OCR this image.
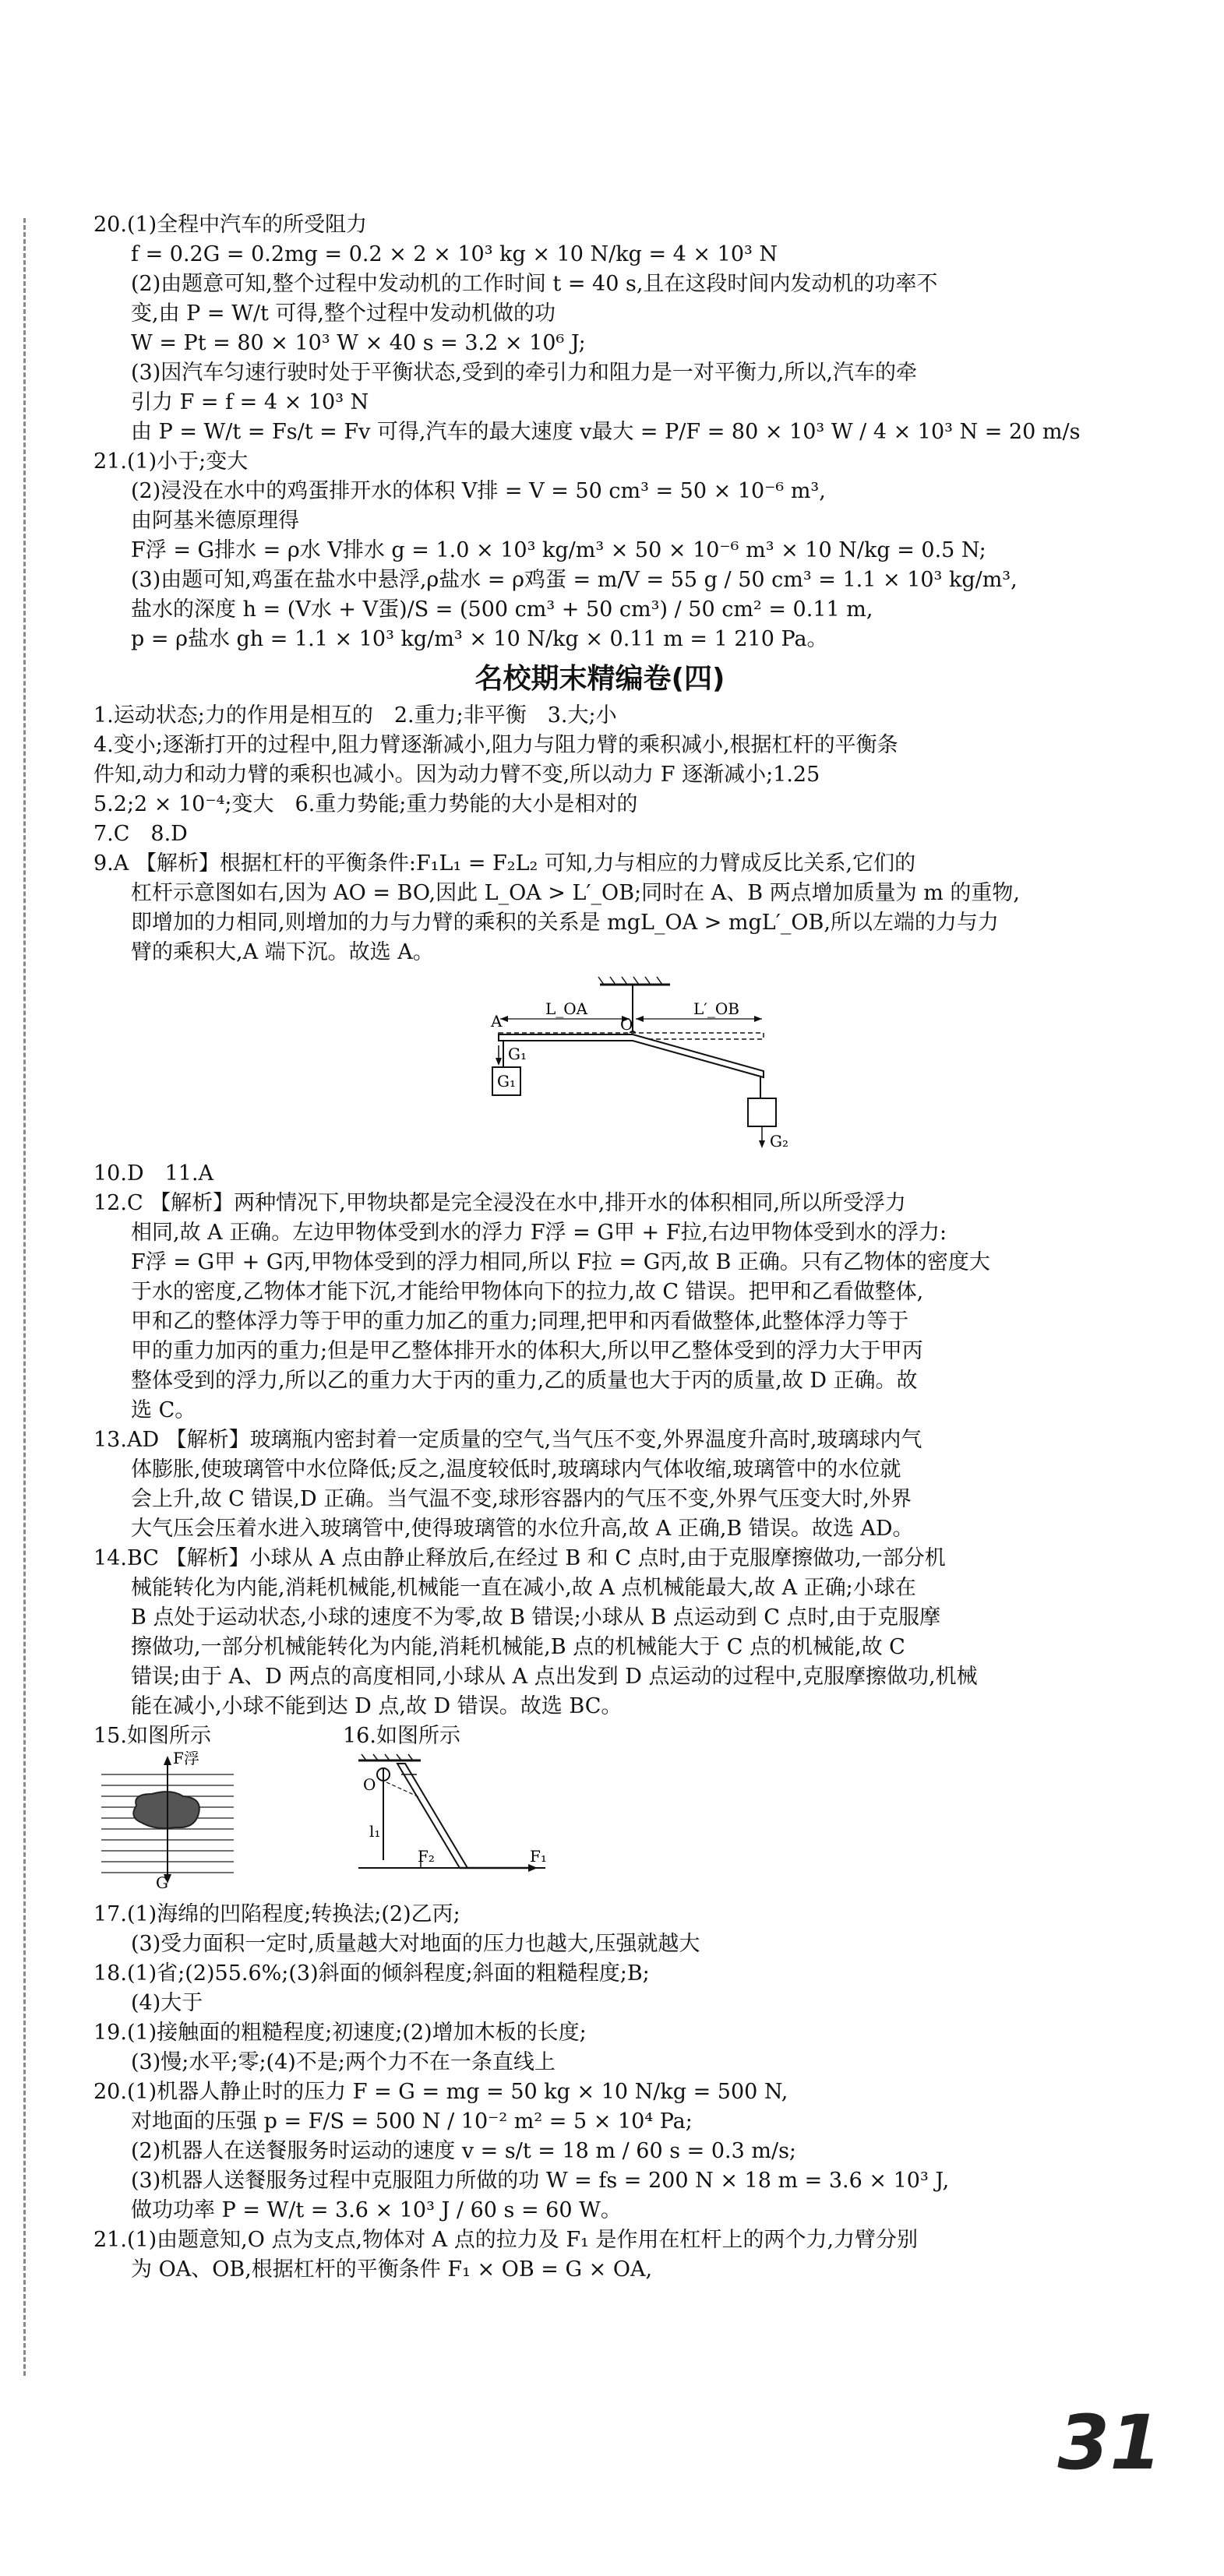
20.(1)全程中汽车的所受阻力
f = 0.2G = 0.2mg = 0.2 × 2 × 10³ kg × 10 N/kg = 4 × 10³ N
(2)由题意可知,整个过程中发动机的工作时间 t = 40 s,且在这段时间内发动机的功率不
变,由 P = W/t 可得,整个过程中发动机做的功
W = Pt = 80 × 10³ W × 40 s = 3.2 × 10⁶ J;
(3)因汽车匀速行驶时处于平衡状态,受到的牵引力和阻力是一对平衡力,所以,汽车的牵
引力 F = f = 4 × 10³ N
由 P = W/t = Fs/t = Fv 可得,汽车的最大速度 v最大 = P/F = 80 × 10³ W / 4 × 10³ N = 20 m/s
21.(1)小于;变大
(2)浸没在水中的鸡蛋排开水的体积 V排 = V = 50 cm³ = 50 × 10⁻⁶ m³,
由阿基米德原理得
F浮 = G排水 = ρ水 V排水 g = 1.0 × 10³ kg/m³ × 50 × 10⁻⁶ m³ × 10 N/kg = 0.5 N;
(3)由题可知,鸡蛋在盐水中悬浮,ρ盐水 = ρ鸡蛋 = m/V = 55 g / 50 cm³ = 1.1 × 10³ kg/m³,
盐水的深度 h = (V水 + V蛋)/S = (500 cm³ + 50 cm³) / 50 cm² = 0.11 m,
p = ρ盐水 gh = 1.1 × 10³ kg/m³ × 10 N/kg × 0.11 m = 1 210 Pa。
名校期末精编卷(四)
1.运动状态;力的作用是相互的　2.重力;非平衡　3.大;小
4.变小;逐渐打开的过程中,阻力臂逐渐减小,阻力与阻力臂的乘积减小,根据杠杆的平衡条
件知,动力和动力臂的乘积也减小。因为动力臂不变,所以动力 F 逐渐减小;1.25
5.2;2 × 10⁻⁴;变大　6.重力势能;重力势能的大小是相对的
7.C　8.D
9.A 【解析】根据杠杆的平衡条件:F₁L₁ = F₂L₂ 可知,力与相应的力臂成反比关系,它们的
杠杆示意图如右,因为 AO = BO,因此 L_OA > L′_OB;同时在 A、B 两点增加质量为 m 的重物,
即增加的力相同,则增加的力与力臂的乘积的关系是 mgL_OA > mgL′_OB,所以左端的力与力
臂的乘积大,A 端下沉。故选 A。
L_OA	L′_OB
A	O
G₁
G₁
G₂
10.D　11.A
12.C 【解析】两种情况下,甲物块都是完全浸没在水中,排开水的体积相同,所以所受浮力
相同,故 A 正确。左边甲物体受到水的浮力 F浮 = G甲 + F拉,右边甲物体受到水的浮力:
F浮 = G甲 + G丙,甲物体受到的浮力相同,所以 F拉 = G丙,故 B 正确。只有乙物体的密度大
于水的密度,乙物体才能下沉,才能给甲物体向下的拉力,故 C 错误。把甲和乙看做整体,
甲和乙的整体浮力等于甲的重力加乙的重力;同理,把甲和丙看做整体,此整体浮力等于
甲的重力加丙的重力;但是甲乙整体排开水的体积大,所以甲乙整体受到的浮力大于甲丙
整体受到的浮力,所以乙的重力大于丙的重力,乙的质量也大于丙的质量,故 D 正确。故
选 C。
13.AD 【解析】玻璃瓶内密封着一定质量的空气,当气压不变,外界温度升高时,玻璃球内气
体膨胀,使玻璃管中水位降低;反之,温度较低时,玻璃球内气体收缩,玻璃管中的水位就
会上升,故 C 错误,D 正确。当气温不变,球形容器内的气压不变,外界气压变大时,外界
大气压会压着水进入玻璃管中,使得玻璃管的水位升高,故 A 正确,B 错误。故选 AD。
14.BC 【解析】小球从 A 点由静止释放后,在经过 B 和 C 点时,由于克服摩擦做功,一部分机
械能转化为内能,消耗机械能,机械能一直在减小,故 A 点机械能最大,故 A 正确;小球在
B 点处于运动状态,小球的速度不为零,故 B 错误;小球从 B 点运动到 C 点时,由于克服摩
擦做功,一部分机械能转化为内能,消耗机械能,B 点的机械能大于 C 点的机械能,故 C
错误;由于 A、D 两点的高度相同,小球从 A 点出发到 D 点运动的过程中,克服摩擦做功,机械
能在减小,小球不能到达 D 点,故 D 错误。故选 BC。
15.如图所示
F浮
G
16.如图所示
O
l₁
F₂	F₁
17.(1)海绵的凹陷程度;转换法;(2)乙丙;
(3)受力面积一定时,质量越大对地面的压力也越大,压强就越大
18.(1)省;(2)55.6%;(3)斜面的倾斜程度;斜面的粗糙程度;B;
(4)大于
19.(1)接触面的粗糙程度;初速度;(2)增加木板的长度;
(3)慢;水平;零;(4)不是;两个力不在一条直线上
20.(1)机器人静止时的压力 F = G = mg = 50 kg × 10 N/kg = 500 N,
对地面的压强 p = F/S = 500 N / 10⁻² m² = 5 × 10⁴ Pa;
(2)机器人在送餐服务时运动的速度 v = s/t = 18 m / 60 s = 0.3 m/s;
(3)机器人送餐服务过程中克服阻力所做的功 W = fs = 200 N × 18 m = 3.6 × 10³ J,
做功功率 P = W/t = 3.6 × 10³ J / 60 s = 60 W。
21.(1)由题意知,O 点为支点,物体对 A 点的拉力及 F₁ 是作用在杠杆上的两个力,力臂分别
为 OA、OB,根据杠杆的平衡条件 F₁ × OB = G × OA,
31
